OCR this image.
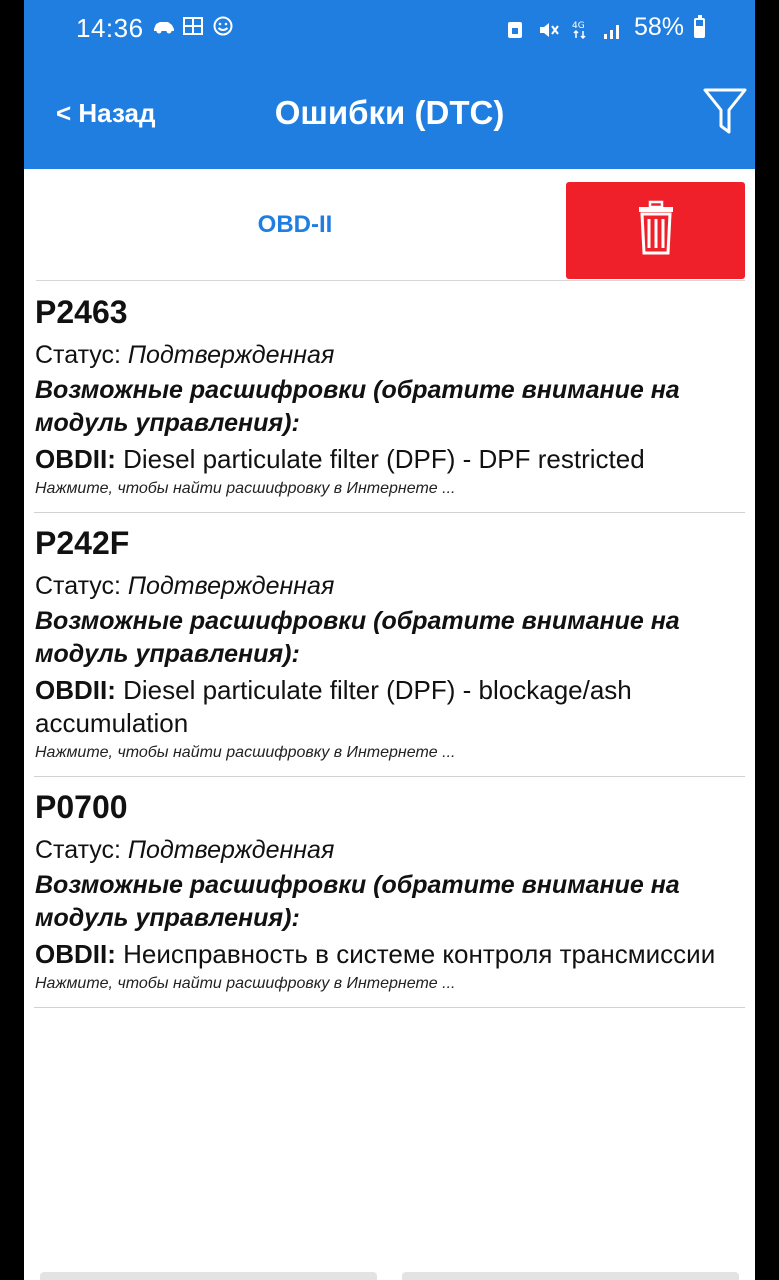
14:36	4G 58%
< Назад	Ошибки (DTC)
OBD-II
P2463
Статус: Подтвержденная
Возможные расшифровки (обратите внимание на модуль управления):
OBDII: Diesel particulate filter (DPF) - DPF restricted
Нажмите, чтобы найти расшифровку в Интернете ...
P242F
Статус: Подтвержденная
Возможные расшифровки (обратите внимание на модуль управления):
OBDII: Diesel particulate filter (DPF) - blockage/ash accumulation
Нажмите, чтобы найти расшифровку в Интернете ...
P0700
Статус: Подтвержденная
Возможные расшифровки (обратите внимание на модуль управления):
OBDII: Неисправность в системе контроля трансмиссии
Нажмите, чтобы найти расшифровку в Интернете ...
